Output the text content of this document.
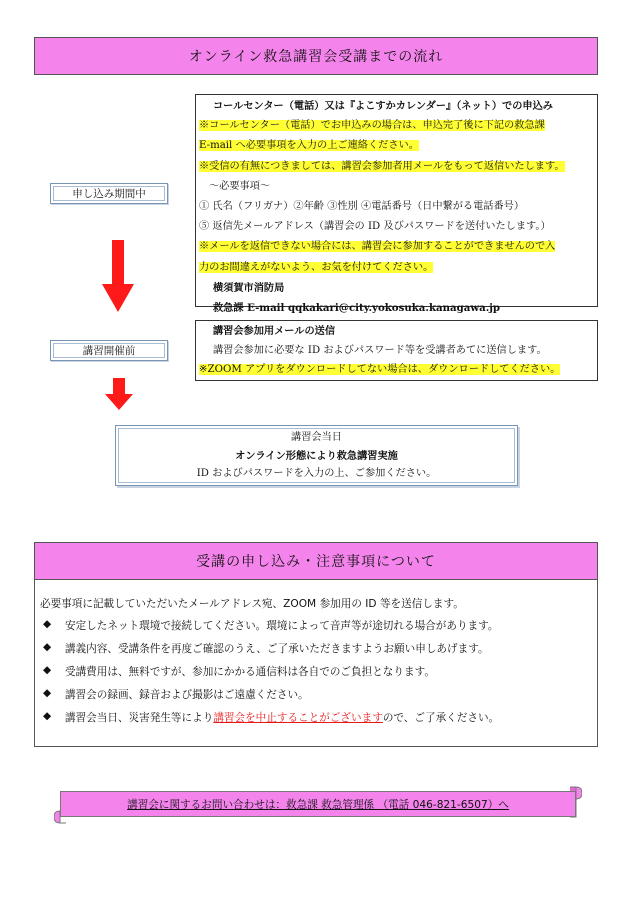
オンライン救急講習会受講までの流れ
申し込み期間中
コールセンター（電話）又は『よこすかカレンダー』（ネット）での申込み
※コールセンター（電話）でお申込みの場合は、申込完了後に下記の救急課
E-mail へ必要事項を入力の上ご連絡ください。
※受信の有無につきましては、講習会参加者用メールをもって返信いたします。
〜必要事項〜
① 氏名（フリガナ）②年齢 ③性別 ④電話番号（日中繋がる電話番号）
⑤ 返信先メールアドレス（講習会の ID 及びパスワードを送付いたします。）
※メールを返信できない場合には、講習会に参加することができませんので入
力のお間違えがないよう、お気を付けてください。
横須賀市消防局
救急課 E-mail qqkakari@city.yokosuka.kanagawa.jp
講習開催前
講習会参加用メールの送信
講習会参加に必要な ID およびパスワード等を受講者あてに送信します。
※ZOOM アプリをダウンロードしてない場合は、ダウンロードしてください。
講習会当日
オンライン形態により救急講習実施
ID およびパスワードを入力の上、ご参加ください。
受講の申し込み・注意事項について
必要事項に記載していただいたメールアドレス宛、ZOOM 参加用の ID 等を送信します。
◆	安定したネット環境で接続してください。環境によって音声等が途切れる場合があります。
◆	講義内容、受講条件を再度ご確認のうえ、ご了承いただきますようお願い申しあげます。
◆	受講費用は、無料ですが、参加にかかる通信料は各自でのご負担となります。
◆	講習会の録画、録音および撮影はご遠慮ください。
◆	講習会当日、災害発生等により講習会を中止することがございますので、ご了承ください。
講習会に関するお問い合わせは：救急課 救急管理係 （電話 046-821-6507）へ
